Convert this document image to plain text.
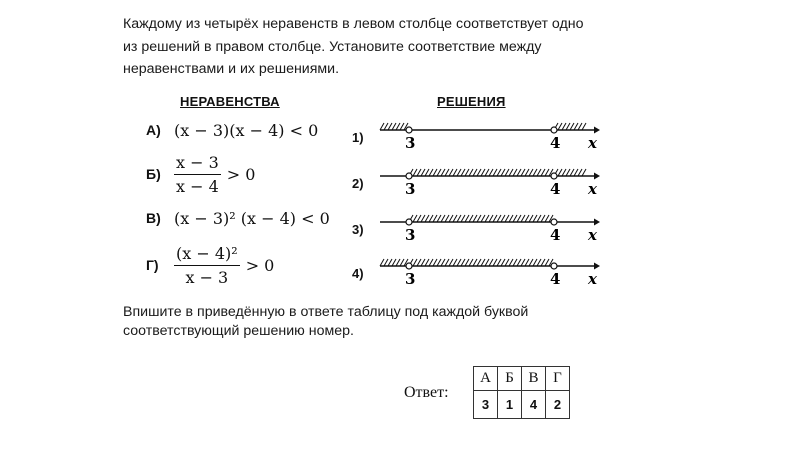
Каждому из четырёх неравенств в левом столбце соответствует одно

из решений в правом столбце. Установите соответствие между

неравенствами и их решениями.

НЕРАВЕНСТВА	РЕШЕНИЯ
А) (x − 3)(x − 4) < 0
$Б) \frac{x - 3}{x - 4} > 0$
В) (x − 3)² (x − 4) < 0
$Г) \frac{\text{(x − 4)²}}{x - 3} > 0$
1)	3	4 x
2)	3	4 x
3)	3	4 x
4)	3	4 x

Впишите в приведённую в ответе таблицу под каждой буквой

соответствующий решению номер.

Ответ:
А	Б	В	Г
3	1	4	2
